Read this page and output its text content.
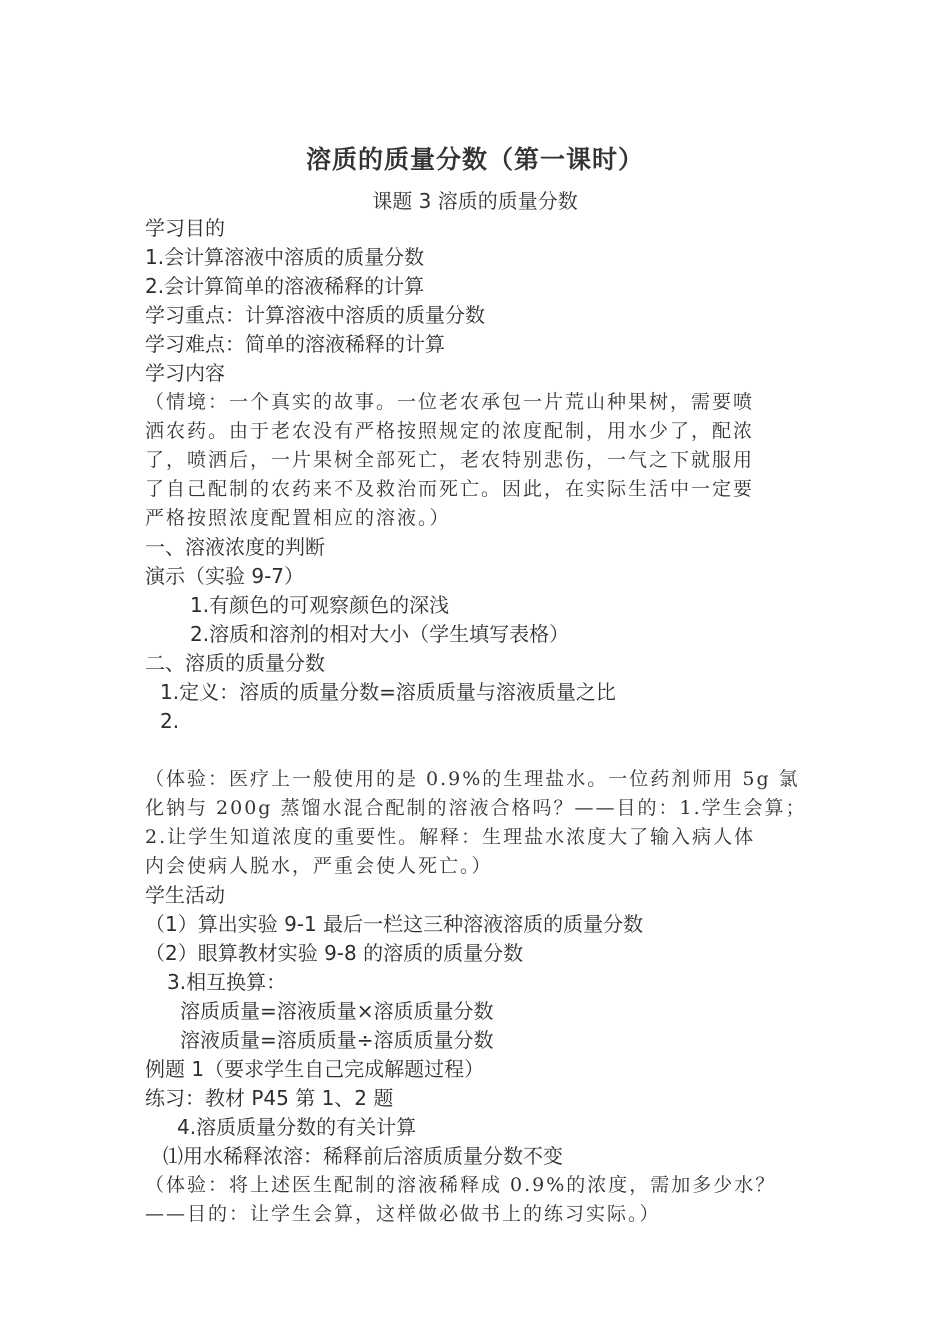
溶质的质量分数（第一课时）
课题 3 溶质的质量分数
学习目的
1.会计算溶液中溶质的质量分数
2.会计算简单的溶液稀释的计算
学习重点：计算溶液中溶质的质量分数
学习难点：简单的溶液稀释的计算
学习内容
（情境：一个真实的故事。一位老农承包一片荒山种果树，需要喷
洒农药。由于老农没有严格按照规定的浓度配制，用水少了，配浓
了，喷洒后，一片果树全部死亡，老农特别悲伤，一气之下就服用
了自己配制的农药来不及救治而死亡。因此，在实际生活中一定要
严格按照浓度配置相应的溶液。）
一、溶液浓度的判断
演示（实验 9-7）
1.有颜色的可观察颜色的深浅
2.溶质和溶剂的相对大小（学生填写表格）
二、溶质的质量分数
1.定义：溶质的质量分数=溶质质量与溶液质量之比
2.
（体验：医疗上一般使用的是 0.9%的生理盐水。一位药剂师用 5g 氯
化钠与 200g 蒸馏水混合配制的溶液合格吗？——目的：1.学生会算；
2.让学生知道浓度的重要性。解释：生理盐水浓度大了输入病人体
内会使病人脱水，严重会使人死亡。）
学生活动
（1）算出实验 9-1 最后一栏这三种溶液溶质的质量分数
（2）眼算教材实验 9-8 的溶质的质量分数
3.相互换算：
溶质质量=溶液质量×溶质质量分数
溶液质量=溶质质量÷溶质质量分数
例题 1（要求学生自己完成解题过程）
练习：教材 P45 第 1、2 题
4.溶质质量分数的有关计算
⑴用水稀释浓溶：稀释前后溶质质量分数不变
（体验：将上述医生配制的溶液稀释成 0.9%的浓度，需加多少水？
——目的：让学生会算，这样做必做书上的练习实际。）
